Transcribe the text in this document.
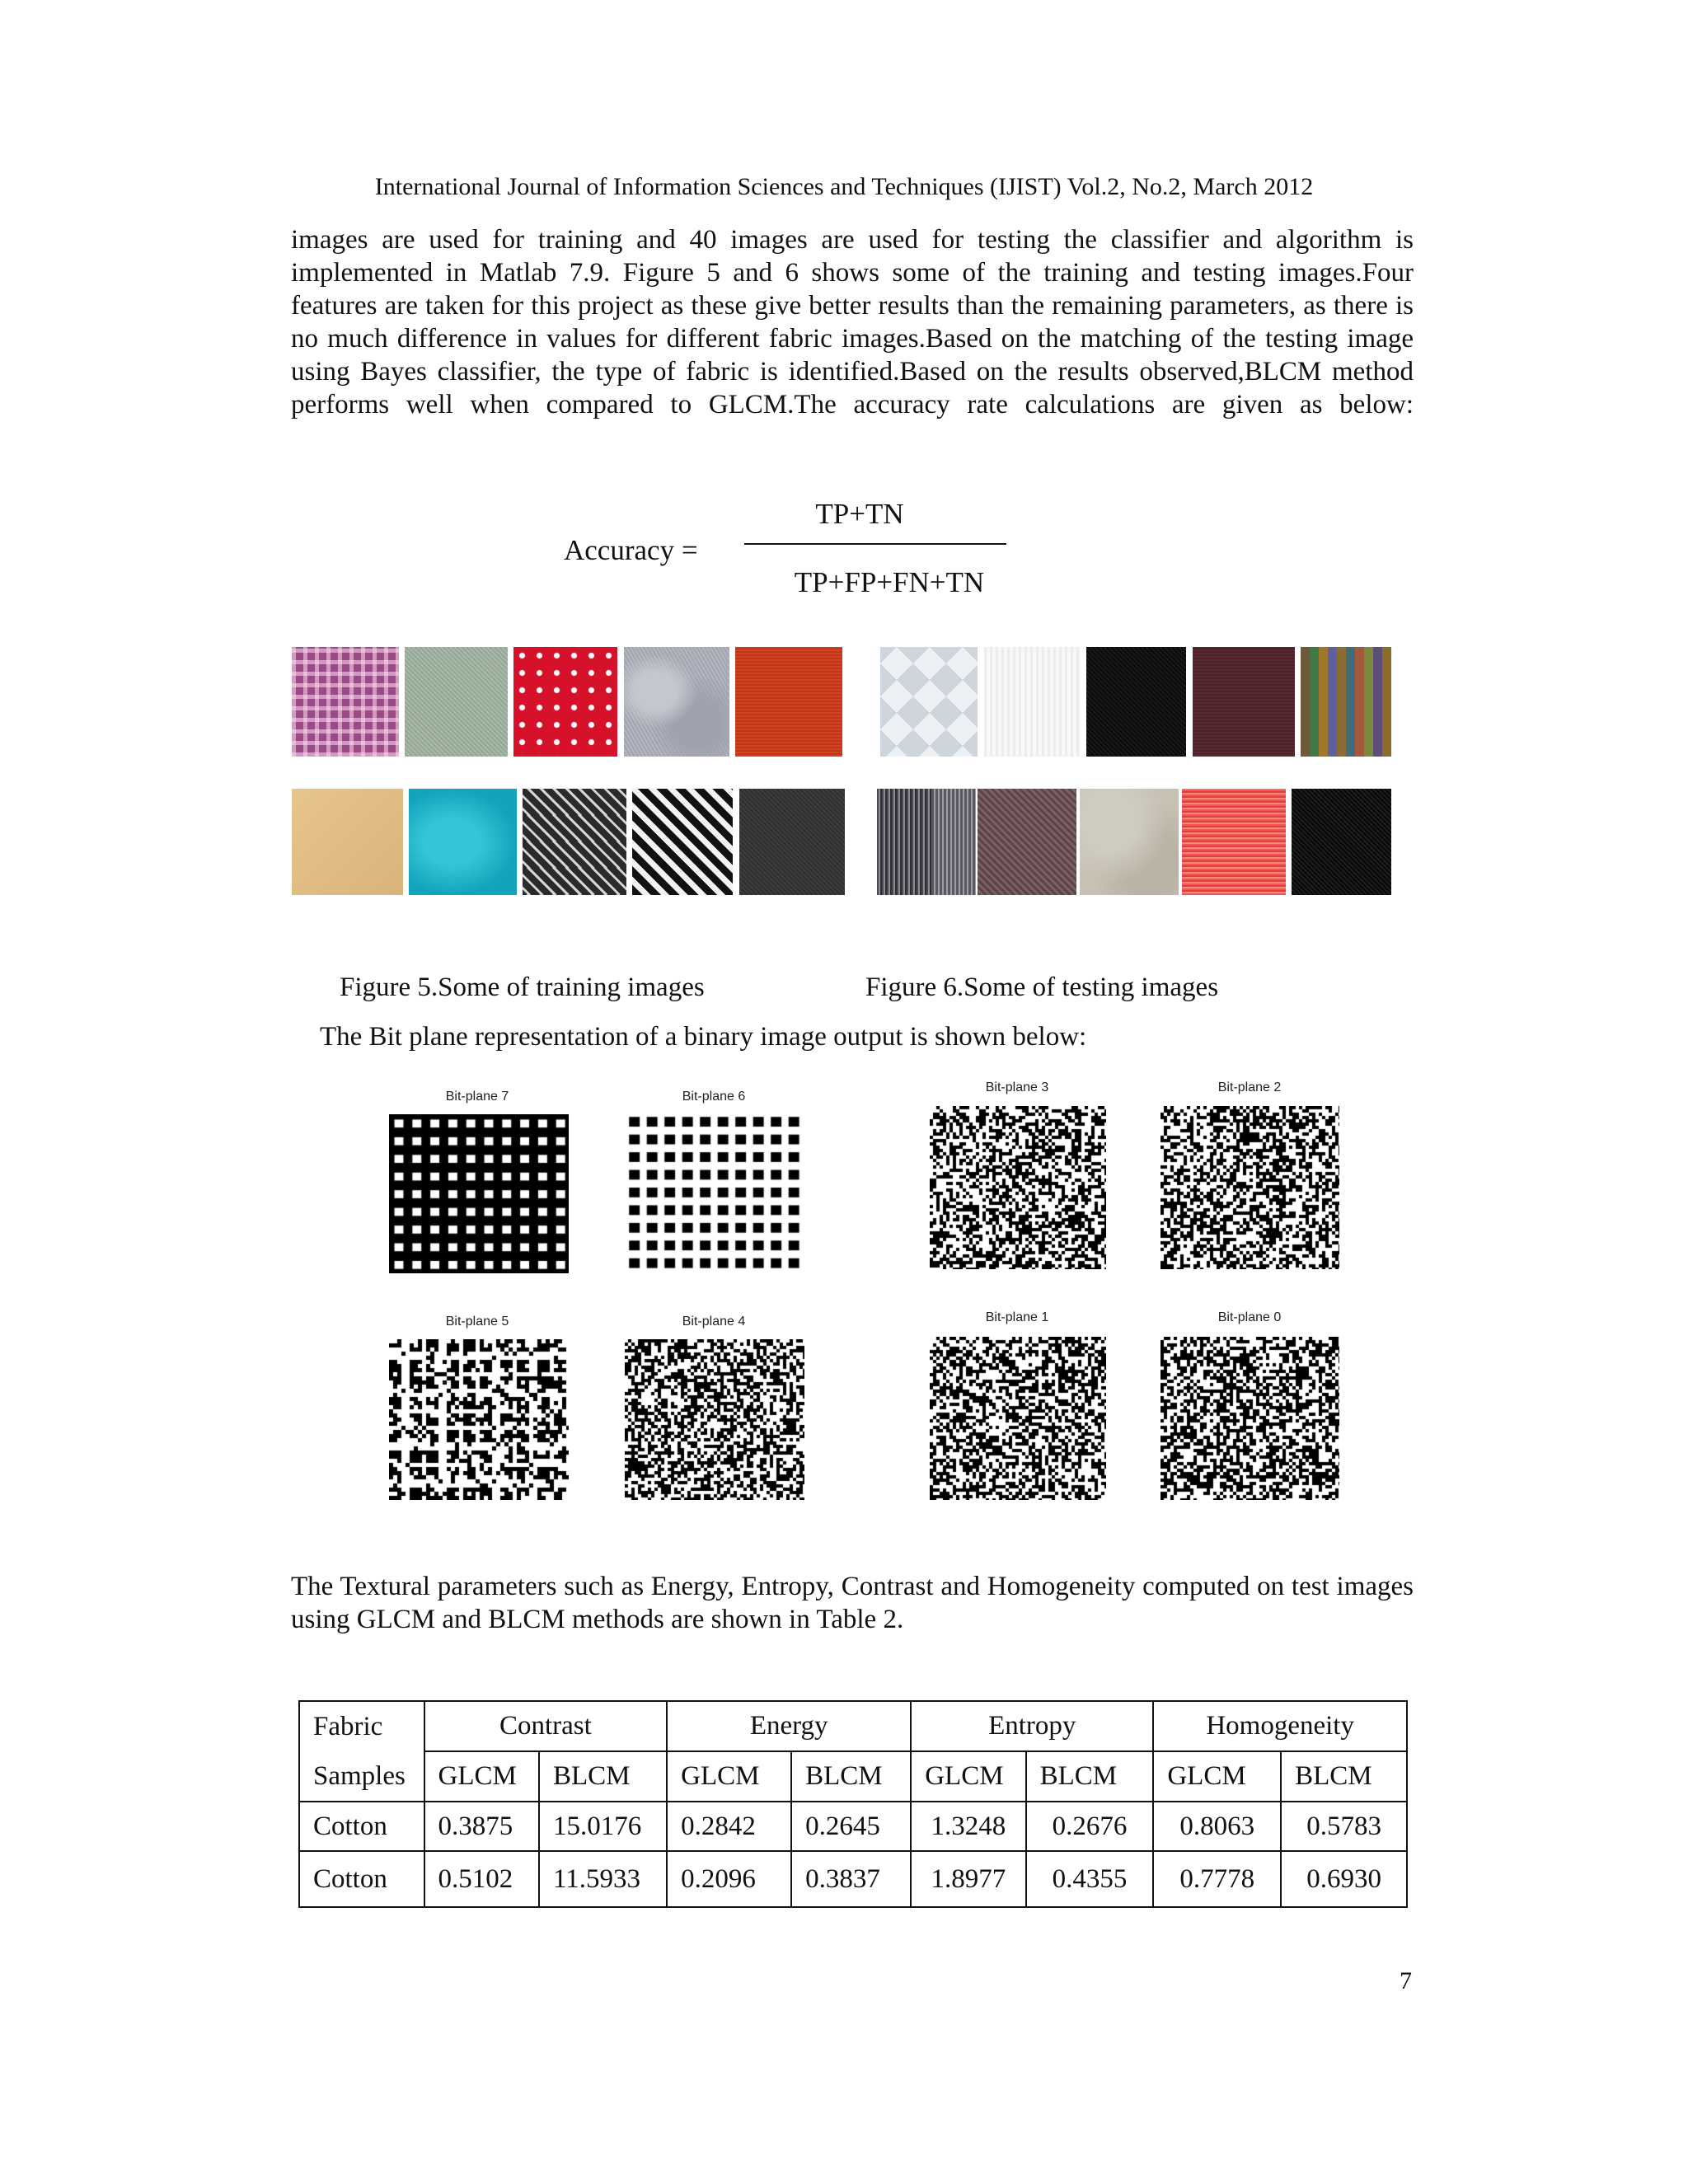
International Journal of Information Sciences and Techniques (IJIST) Vol.2, No.2, March 2012
images are used for training and 40 images are used for testing the classifier and algorithm is implemented in Matlab 7.9. Figure 5 and 6 shows some of the training and testing images.Four features are taken for this project as these give better results than the remaining parameters, as there is no much difference in values for different fabric images.Based on the matching of the testing image using Bayes classifier, the type of fabric is identified.Based on the results observed,BLCM method performs well when compared to GLCM.The accuracy rate calculations are given as below:
Accuracy =
TP+TN
TP+FP+FN+TN
Figure 5.Some of training images	Figure 6.Some of testing images
The Bit plane representation of a binary image output is shown below:
Bit-plane 7	Bit-plane 6
Bit-plane 3	Bit-plane 2
Bit-plane 5	Bit-plane 4	Bit-plane 1	Bit-plane 0
The Textural parameters such as Energy, Entropy, Contrast and Homogeneity computed on test images using GLCM and BLCM methods are shown in Table 2.
Fabric
Samples	Contrast		Energy		Entropy		Homogeneity	
	GLCM	BLCM	GLCM	BLCM	GLCM	BLCM	GLCM	BLCM
Cotton	0.3875	15.0176	0.2842	0.2645	1.3248	0.2676	0.8063	0.5783
Cotton	0.5102	11.5933	0.2096	0.3837	1.8977	0.4355	0.7778	0.6930
7
